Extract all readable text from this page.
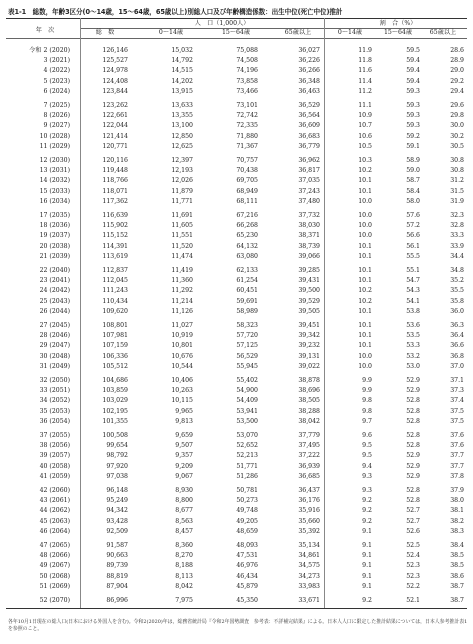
表1-1　総数，年齢3区分(0～14歳，15～64歳，65歳以上)別総人口及び年齢構造係数：出生中位(死亡中位)推計
年　次
人　口（1,000人）	割　合（%）
総　数	0～14歳	15～64歳	65歳以上	0～14歳	15～64歳	65歳以上
令和 2 (2020)	126,146	15,032	75,088	36,027	11.9	59.5	28.6
3 (2021)	125,527	14,792	74,508	36,226	11.8	59.4	28.9
4 (2022)	124,978	14,515	74,196	36,266	11.6	59.4	29.0
5 (2023)	124,408	14,202	73,858	36,348	11.4	59.4	29.2
6 (2024)	123,844	13,915	73,466	36,463	11.2	59.3	29.4
7 (2025)	123,262	13,633	73,101	36,529	11.1	59.3	29.6
8 (2026)	122,661	13,355	72,742	36,564	10.9	59.3	29.8
9 (2027)	122,044	13,100	72,335	36,609	10.7	59.3	30.0
10 (2028)	121,414	12,850	71,880	36,683	10.6	59.2	30.2
11 (2029)	120,771	12,625	71,367	36,779	10.5	59.1	30.5
12 (2030)	120,116	12,397	70,757	36,962	10.3	58.9	30.8
13 (2031)	119,448	12,193	70,438	36,817	10.2	59.0	30.8
14 (2032)	118,766	12,026	69,705	37,035	10.1	58.7	31.2
15 (2033)	118,071	11,879	68,949	37,243	10.1	58.4	31.5
16 (2034)	117,362	11,771	68,111	37,480	10.0	58.0	31.9
17 (2035)	116,639	11,691	67,216	37,732	10.0	57.6	32.3
18 (2036)	115,902	11,605	66,268	38,030	10.0	57.2	32.8
19 (2037)	115,152	11,551	65,230	38,371	10.0	56.6	33.3
20 (2038)	114,391	11,520	64,132	38,739	10.1	56.1	33.9
21 (2039)	113,619	11,474	63,080	39,066	10.1	55.5	34.4
22 (2040)	112,837	11,419	62,133	39,285	10.1	55.1	34.8
23 (2041)	112,045	11,360	61,254	39,431	10.1	54.7	35.2
24 (2042)	111,243	11,292	60,451	39,500	10.2	54.3	35.5
25 (2043)	110,434	11,214	59,691	39,529	10.2	54.1	35.8
26 (2044)	109,620	11,126	58,989	39,505	10.1	53.8	36.0
27 (2045)	108,801	11,027	58,323	39,451	10.1	53.6	36.3
28 (2046)	107,981	10,919	57,720	39,342	10.1	53.5	36.4
29 (2047)	107,159	10,801	57,125	39,232	10.1	53.3	36.6
30 (2048)	106,336	10,676	56,529	39,131	10.0	53.2	36.8
31 (2049)	105,512	10,544	55,945	39,022	10.0	53.0	37.0
32 (2050)	104,686	10,406	55,402	38,878	9.9	52.9	37.1
33 (2051)	103,859	10,263	54,900	38,696	9.9	52.9	37.3
34 (2052)	103,029	10,115	54,409	38,505	9.8	52.8	37.4
35 (2053)	102,195	9,965	53,941	38,288	9.8	52.8	37.5
36 (2054)	101,355	9,813	53,500	38,042	9.7	52.8	37.5
37 (2055)	100,508	9,659	53,070	37,779	9.6	52.8	37.6
38 (2056)	99,654	9,507	52,652	37,495	9.5	52.8	37.6
39 (2057)	98,792	9,357	52,213	37,222	9.5	52.9	37.7
40 (2058)	97,920	9,209	51,771	36,939	9.4	52.9	37.7
41 (2059)	97,038	9,067	51,286	36,685	9.3	52.9	37.8
42 (2060)	96,148	8,930	50,781	36,437	9.3	52.8	37.9
43 (2061)	95,249	8,800	50,273	36,176	9.2	52.8	38.0
44 (2062)	94,342	8,677	49,748	35,916	9.2	52.7	38.1
45 (2063)	93,428	8,563	49,205	35,660	9.2	52.7	38.2
46 (2064)	92,509	8,457	48,659	35,392	9.1	52.6	38.3
47 (2065)	91,587	8,360	48,093	35,134	9.1	52.5	38.4
48 (2066)	90,663	8,270	47,531	34,861	9.1	52.4	38.5
49 (2067)	89,739	8,188	46,976	34,575	9.1	52.3	38.5
50 (2068)	88,819	8,113	46,434	34,273	9.1	52.3	38.6
51 (2069)	87,904	8,042	45,879	33,983	9.1	52.2	38.7
52 (2070)	86,996	7,975	45,350	33,671	9.2	52.1	38.7
各年10月1日現在の総人口(日本における外国人を含む)。令和2(2020)年は，総務省統計局『令和2年国勢調査　参考表：不詳補完結果』による。日本人人口に限定した推計結果については，日本人参考推計表1を参照のこと。
